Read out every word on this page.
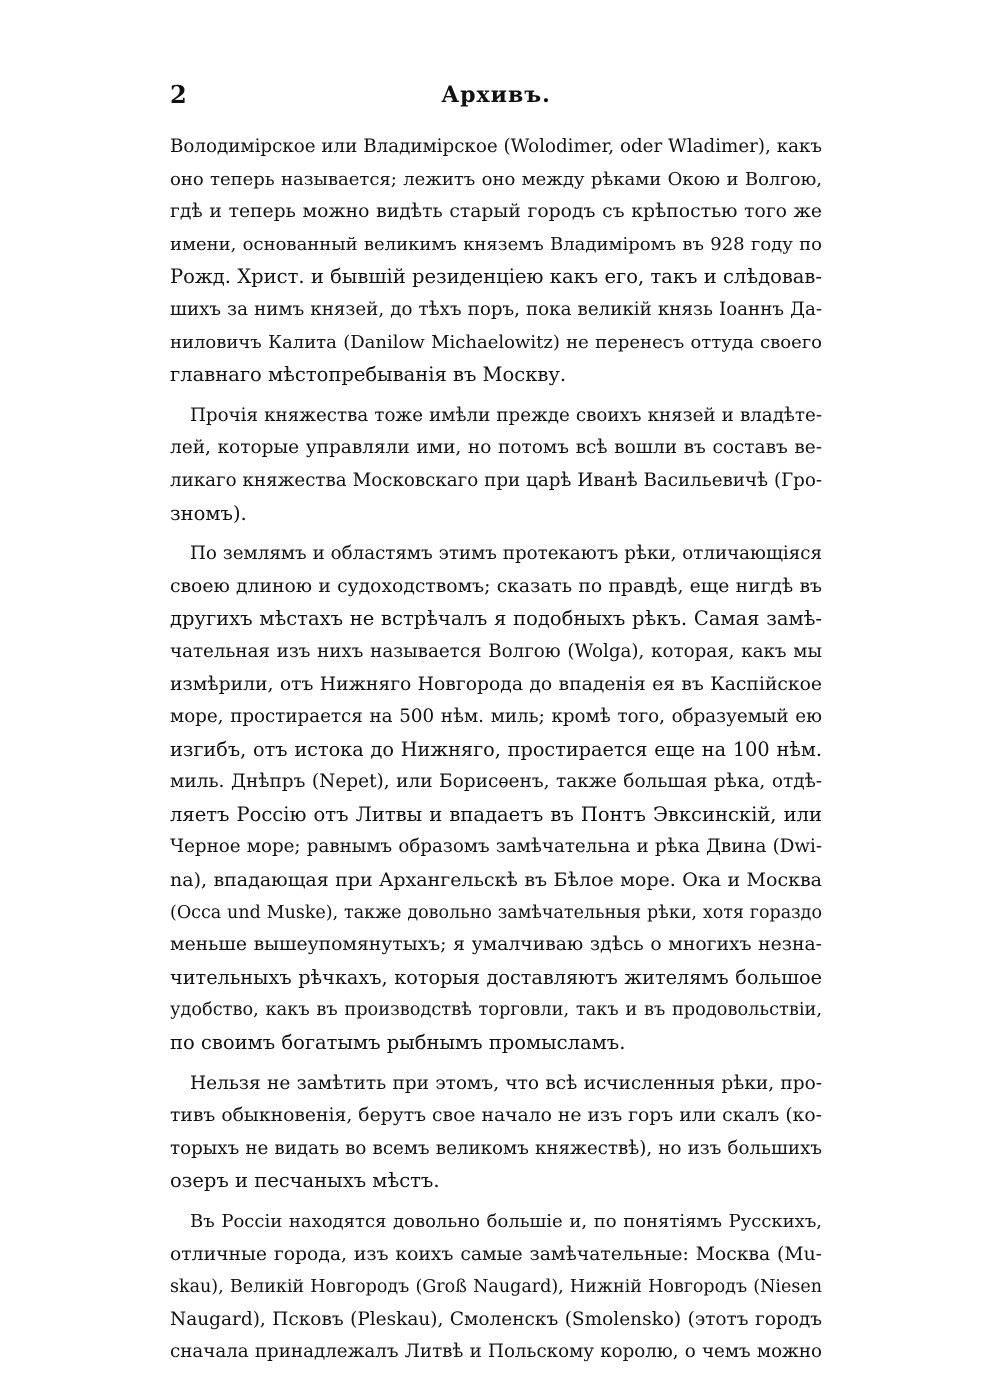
2	Архивъ.
Володимірское или Владимірское (Wolodimer, oder Wladimer), какъ
оно теперь называется; лежитъ оно между рѣками Окою и Волгою,
гдѣ и теперь можно видѣть старый городъ съ крѣпостью того же
имени, основанный великимъ княземъ Владиміромъ въ 928 году по
Рожд. Христ. и бывшій резиденціею какъ его, такъ и слѣдовав-
шихъ за нимъ князей, до тѣхъ поръ, пока великій князь Іоаннъ Да-
ниловичъ Калита (Danilow Michaelowitz) не перенесъ оттуда своего
главнаго мѣстопребыванія въ Москву.
Прочія княжества тоже имѣли прежде своихъ князей и владѣте-
лей, которые управляли ими, но потомъ всѣ вошли въ составъ ве-
ликаго княжества Московскаго при царѣ Иванѣ Васильевичѣ (Гро-
зномъ).
По землямъ и областямъ этимъ протекаютъ рѣки, отличающіяся
своею длиною и судоходствомъ; сказать по правдѣ, еще нигдѣ въ
другихъ мѣстахъ не встрѣчалъ я подобныхъ рѣкъ. Самая замѣ-
чательная изъ нихъ называется Волгою (Wolga), которая, какъ мы
измѣрили, отъ Нижняго Новгорода до впаденія ея въ Каспійское
море, простирается на 500 нѣм. миль; кромѣ того, образуемый ею
изгибъ, отъ истока до Нижняго, простирается еще на 100 нѣм.
миль. Днѣпръ (Nepet), или Борисѳенъ, также большая рѣка, отдѣ-
ляетъ Россію отъ Литвы и впадаетъ въ Понтъ Эвксинскій, или
Черное море; равнымъ образомъ замѣчательна и рѣка Двина (Dwi-
na), впадающая при Архангельскѣ въ Бѣлое море. Ока и Москва
(Occa und Muske), также довольно замѣчательныя рѣки, хотя гораздо
меньше вышеупомянутыхъ; я умалчиваю здѣсь о многихъ незна-
чительныхъ рѣчкахъ, которыя доставляютъ жителямъ большое
удобство, какъ въ производствѣ торговли, такъ и въ продовольствіи,
по своимъ богатымъ рыбнымъ промысламъ.
Нельзя не замѣтить при этомъ, что всѣ исчисленныя рѣки, про-
тивъ обыкновенія, берутъ свое начало не изъ горъ или скалъ (ко-
торыхъ не видать во всемъ великомъ княжествѣ), но изъ большихъ
озеръ и песчаныхъ мѣстъ.
Въ Россіи находятся довольно большіе и, по понятіямъ Русскихъ,
отличные города, изъ коихъ самые замѣчательные: Москва (Mu-
skau), Великій Новгородъ (Groß Naugard), Нижній Новгородъ (Niesen
Naugard), Псковъ (Pleskau), Смоленскъ (Smolensko) (этотъ городъ
сначала принадлежалъ Литвѣ и Польскому королю, о чемъ можно
